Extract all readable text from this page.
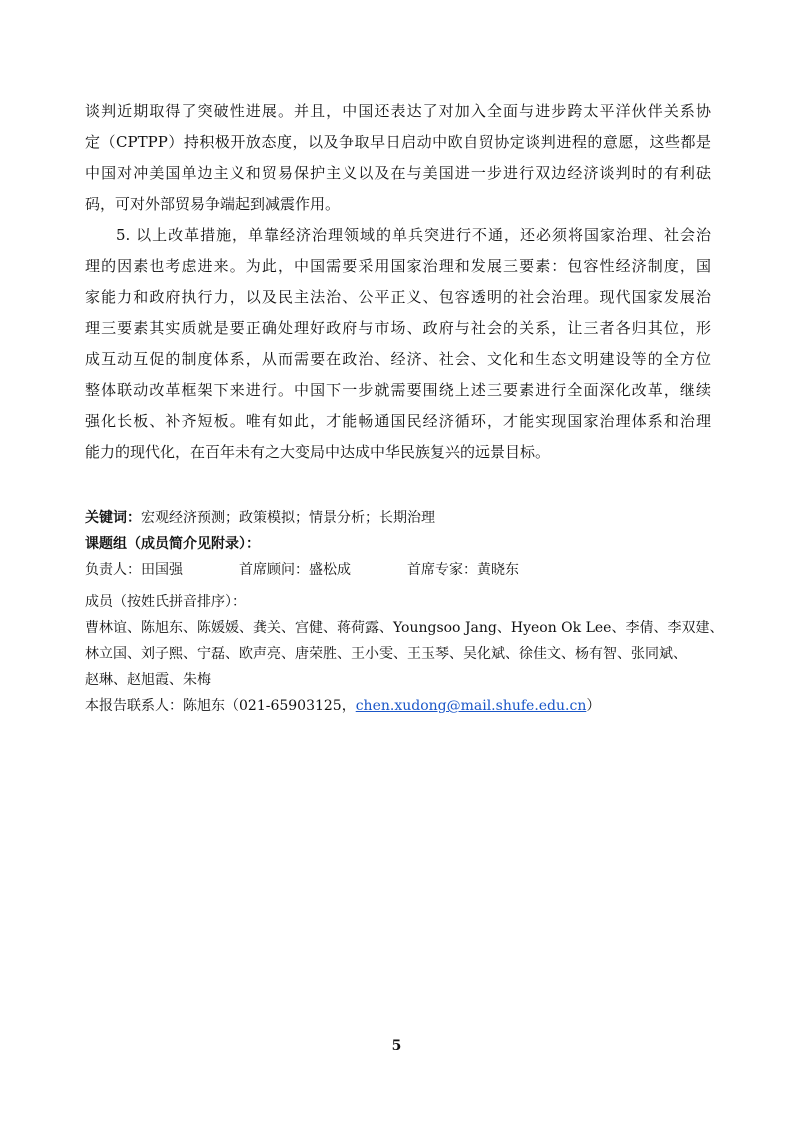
谈判近期取得了突破性进展。并且，中国还表达了对加入全面与进步跨太平洋伙伴关系协
定（CPTPP）持积极开放态度，以及争取早日启动中欧自贸协定谈判进程的意愿，这些都是
中国对冲美国单边主义和贸易保护主义以及在与美国进一步进行双边经济谈判时的有利砝
码，可对外部贸易争端起到减震作用。

5. 以上改革措施，单靠经济治理领域的单兵突进行不通，还必须将国家治理、社会治
理的因素也考虑进来。为此，中国需要采用国家治理和发展三要素：包容性经济制度，国
家能力和政府执行力，以及民主法治、公平正义、包容透明的社会治理。现代国家发展治
理三要素其实质就是要正确处理好政府与市场、政府与社会的关系，让三者各归其位，形
成互动互促的制度体系，从而需要在政治、经济、社会、文化和生态文明建设等的全方位
整体联动改革框架下来进行。中国下一步就需要围绕上述三要素进行全面深化改革，继续
强化长板、补齐短板。唯有如此，才能畅通国民经济循环，才能实现国家治理体系和治理
能力的现代化，在百年未有之大变局中达成中华民族复兴的远景目标。

关键词：宏观经济预测；政策模拟；情景分析；长期治理
课题组（成员简介见附录）：
负责人：田国强	首席顾问：盛松成	首席专家：黄晓东
成员（按姓氏拼音排序）：
曹林谊、陈旭东、陈媛媛、龚关、宫健、蒋荷露、Youngsoo Jang、Hyeon Ok Lee、李倩、李双建、
林立国、刘子熙、宁磊、欧声亮、唐荣胜、王小雯、王玉琴、吴化斌、徐佳文、杨有智、张同斌、
赵琳、赵旭霞、朱梅
本报告联系人：陈旭东（021-65903125，chen.xudong@mail.shufe.edu.cn）
5
